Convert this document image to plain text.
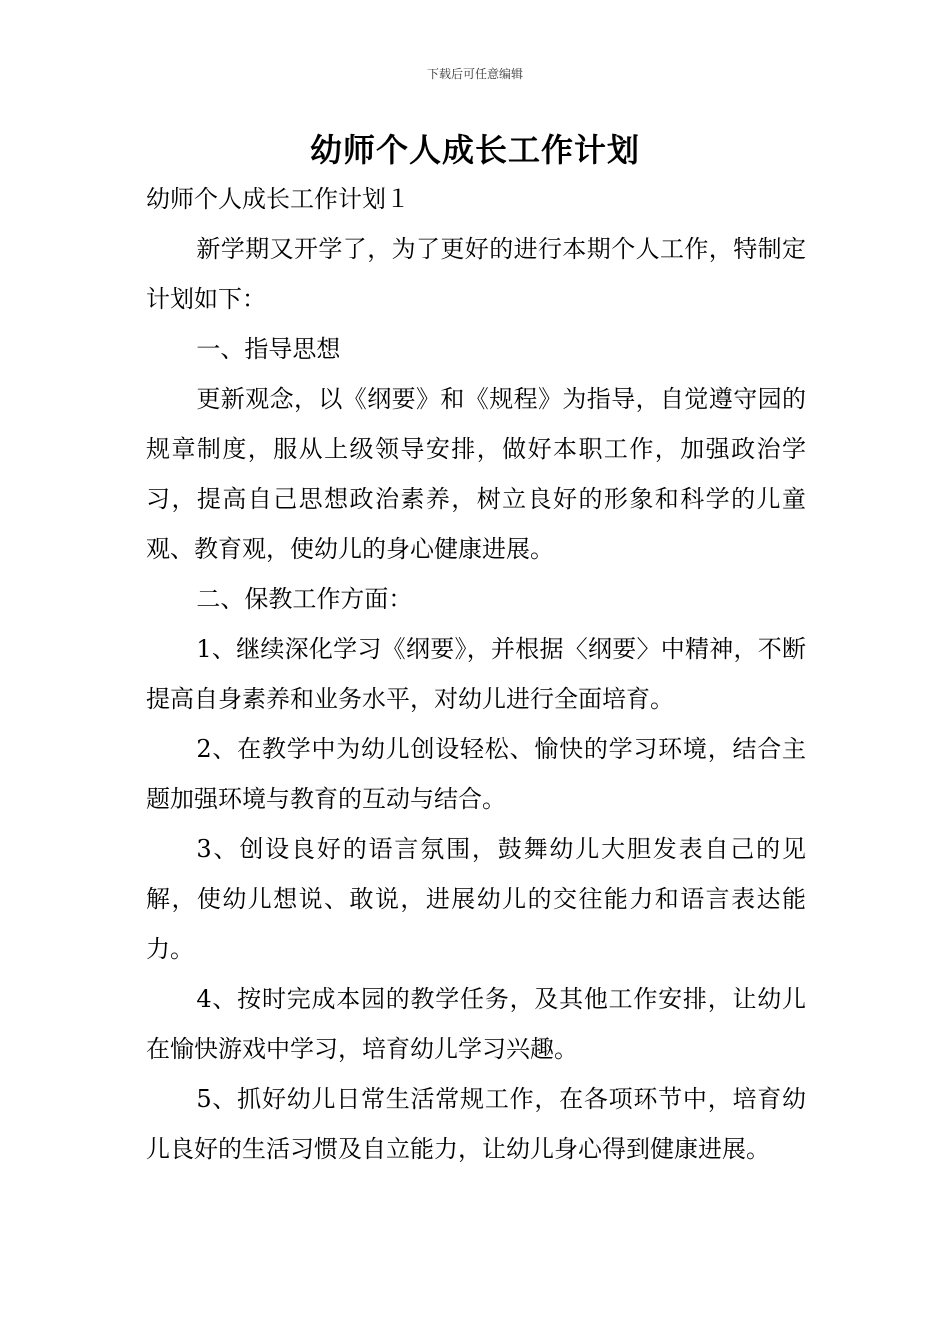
下载后可任意编辑
幼师个人成长工作计划

幼师个人成长工作计划１

新学期又开学了，为了更好的进行本期个人工作，特制定计划如下：

一、指导思想

更新观念，以《纲要》和《规程》为指导，自觉遵守园的规章制度，服从上级领导安排，做好本职工作，加强政治学习，提高自己思想政治素养，树立良好的形象和科学的儿童观、教育观，使幼儿的身心健康进展。

二、保教工作方面：

1、继续深化学习《纲要》，并根据〈纲要〉中精神，不断提高自身素养和业务水平，对幼儿进行全面培育。

2、在教学中为幼儿创设轻松、愉快的学习环境，结合主题加强环境与教育的互动与结合。

3、创设良好的语言氛围，鼓舞幼儿大胆发表自己的见解，使幼儿想说、敢说，进展幼儿的交往能力和语言表达能力。

4、按时完成本园的教学任务，及其他工作安排，让幼儿在愉快游戏中学习，培育幼儿学习兴趣。

5、抓好幼儿日常生活常规工作，在各项环节中，培育幼儿良好的生活习惯及自立能力，让幼儿身心得到健康进展。
